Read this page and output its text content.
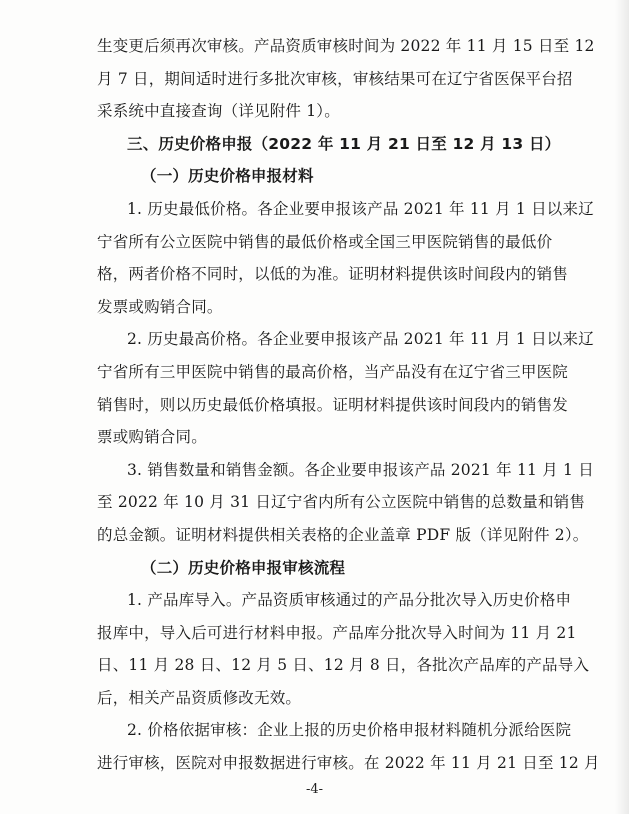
生变更后须再次审核。产品资质审核时间为 2022 年 11 月 15 日至 12
月 7 日，期间适时进行多批次审核，审核结果可在辽宁省医保平台招
采系统中直接查询（详见附件 1）。
三、历史价格申报（2022 年 11 月 21 日至 12 月 13 日）
（一）历史价格申报材料
1. 历史最低价格。各企业要申报该产品 2021 年 11 月 1 日以来辽
宁省所有公立医院中销售的最低价格或全国三甲医院销售的最低价
格，两者价格不同时，以低的为准。证明材料提供该时间段内的销售
发票或购销合同。
2. 历史最高价格。各企业要申报该产品 2021 年 11 月 1 日以来辽
宁省所有三甲医院中销售的最高价格，当产品没有在辽宁省三甲医院
销售时，则以历史最低价格填报。证明材料提供该时间段内的销售发
票或购销合同。
3. 销售数量和销售金额。各企业要申报该产品 2021 年 11 月 1 日
至 2022 年 10 月 31 日辽宁省内所有公立医院中销售的总数量和销售
的总金额。证明材料提供相关表格的企业盖章 PDF 版（详见附件 2）。
（二）历史价格申报审核流程
1. 产品库导入。产品资质审核通过的产品分批次导入历史价格申
报库中，导入后可进行材料申报。产品库分批次导入时间为 11 月 21
日、11 月 28 日、12 月 5 日、12 月 8 日，各批次产品库的产品导入
后，相关产品资质修改无效。
2. 价格依据审核：企业上报的历史价格申报材料随机分派给医院
进行审核，医院对申报数据进行审核。在 2022 年 11 月 21 日至 12 月
-4-
